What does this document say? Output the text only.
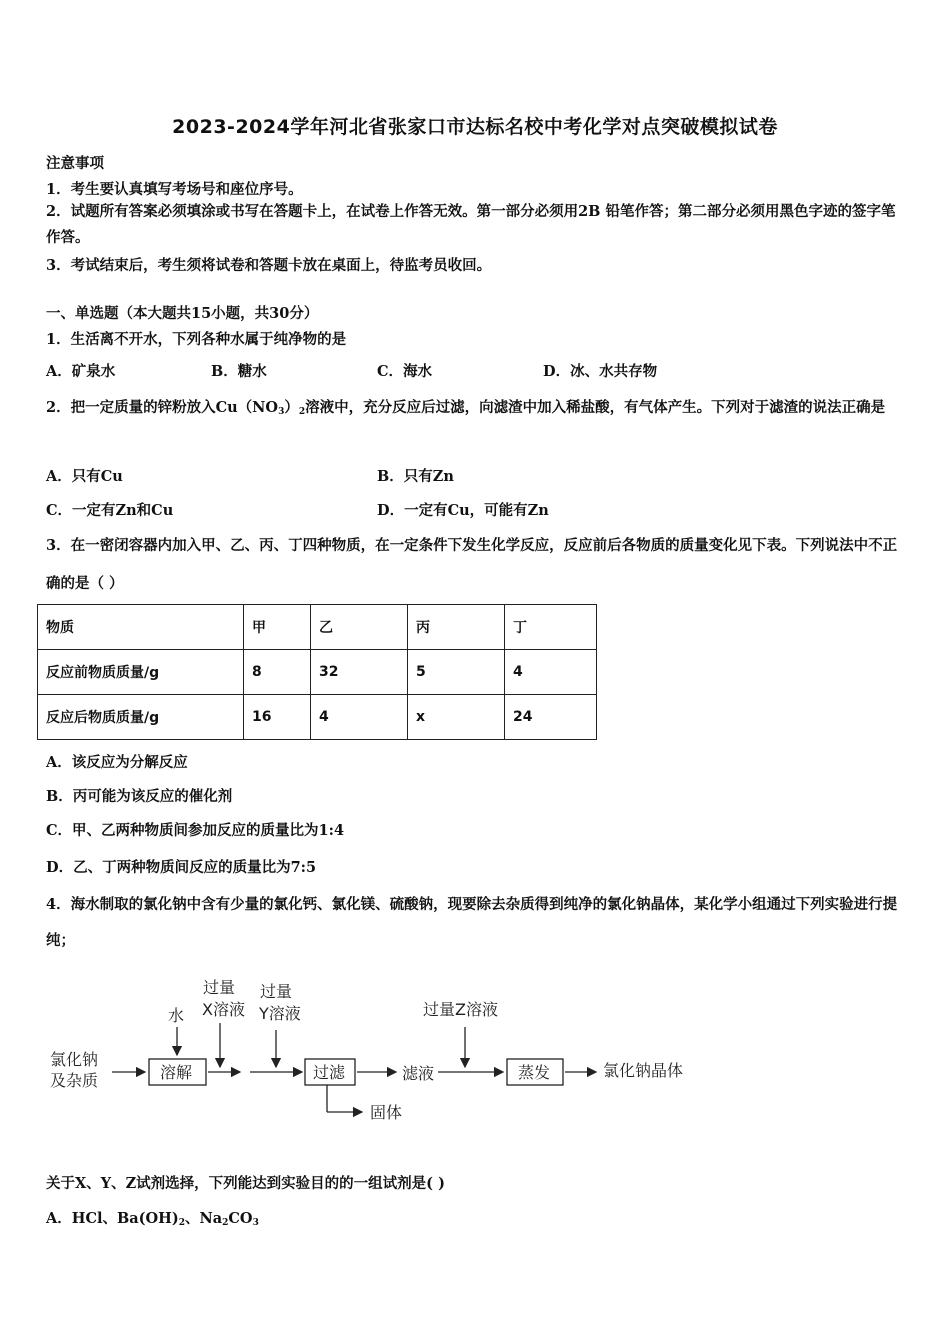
2023-2024学年河北省张家口市达标名校中考化学对点突破模拟试卷
注意事项
1．考生要认真填写考场号和座位序号。
2．试题所有答案必须填涂或书写在答题卡上，在试卷上作答无效。第一部分必须用2B 铅笔作答；第二部分必须用黑色字迹的签字笔作答。
3．考试结束后，考生须将试卷和答题卡放在桌面上，待监考员收回。
一、单选题（本大题共15小题，共30分）
1．生活离不开水，下列各种水属于纯净物的是
A．矿泉水	B．糖水	C．海水	D．冰、水共存物
2．把一定质量的锌粉放入$Cu(NO_3)_2$溶液中，充分反应后过滤，向滤渣中加入稀盐酸，有气体产生。下列对于滤渣的说法正确是
A．只有Cu	B．只有Zn
C．一定有Zn和Cu	D．一定有Cu，可能有Zn
3．在一密闭容器内加入甲、乙、丙、丁四种物质，在一定条件下发生化学反应，反应前后各物质的质量变化见下表。下列说法中不正确的是（ ）
物质	甲	乙	丙	丁
反应前物质质量/g	8	32	5	4
反应后物质质量/g	16	4	x	24
A．该反应为分解反应
B．丙可能为该反应的催化剂
C．甲、乙两种物质间参加反应的质量比为1:4
D．乙、丁两种物质间反应的质量比为7:5
4．海水制取的氯化钠中含有少量的氯化钙、氯化镁、硫酸钠，现要除去杂质得到纯净的氯化钠晶体，某化学小组通过下列实验进行提纯；
氯化钠
及杂质
水
过量
X溶液
过量
Y溶液	过量Z溶液
溶解	过滤	滤液
固体
蒸发	氯化钠晶体
关于X、Y、Z试剂选择，下列能达到实验目的的一组试剂是( )
A．HCl、$Ba(OH)_2$、$Na_2CO_3$
